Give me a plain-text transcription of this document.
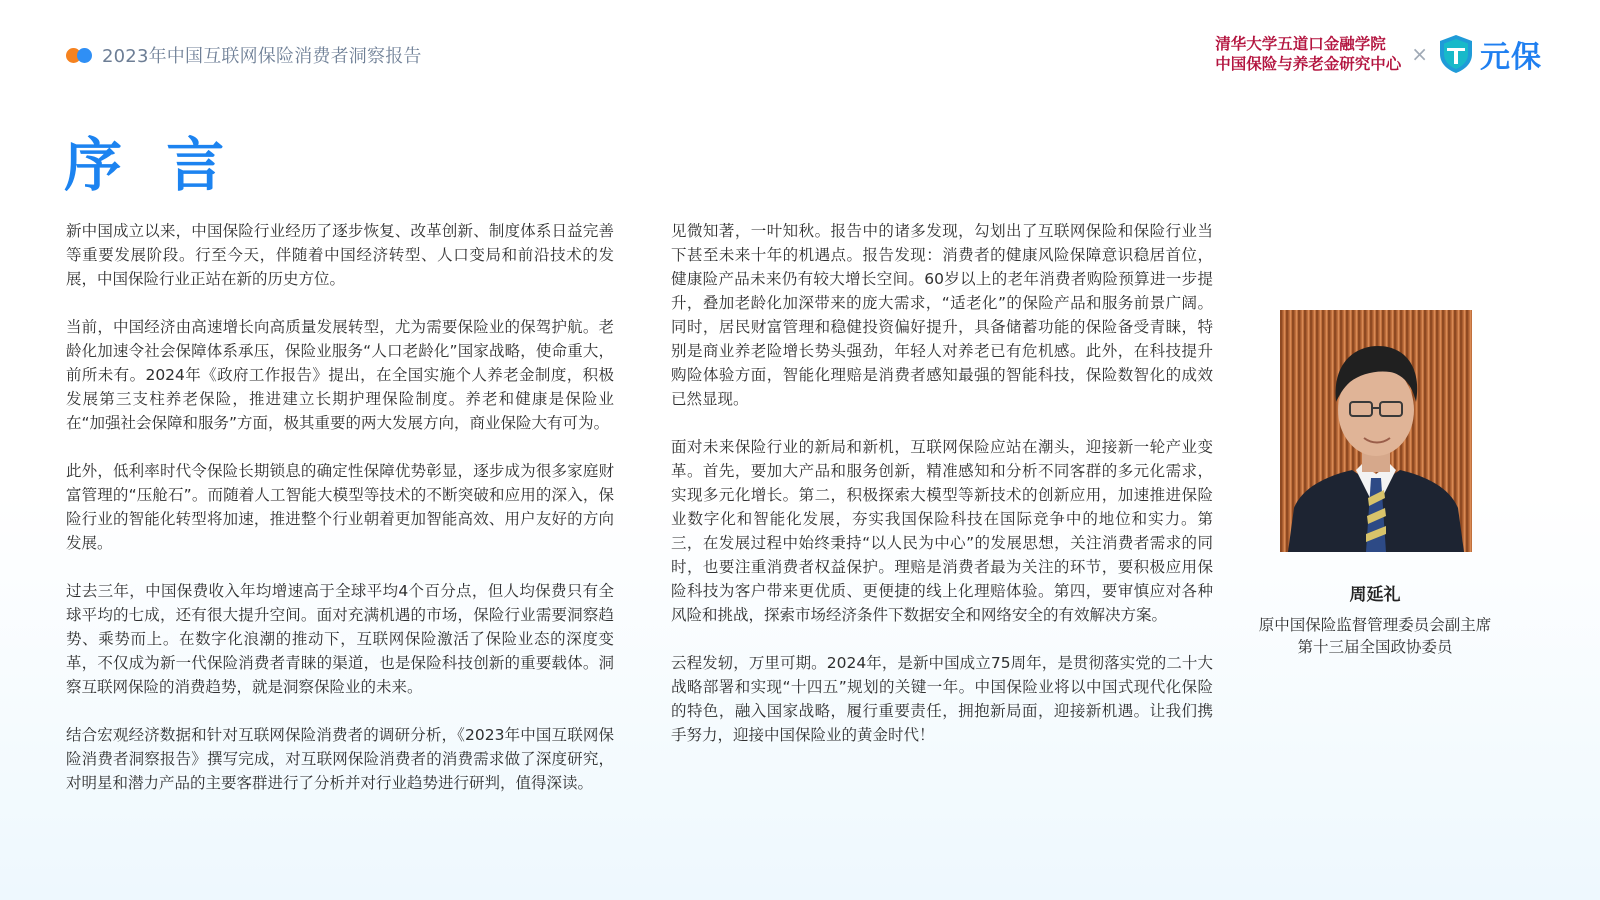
2023年中国互联网保险消费者洞察报告
清华大学五道口金融学院
中国保险与养老金研究中心 × 元保
序 言

新中国成立以来，中国保险行业经历了逐步恢复、改革创新、制度体系日益完善等重要发展阶段。行至今天，伴随着中国经济转型、人口变局和前沿技术的发展，中国保险行业正站在新的历史方位。

当前，中国经济由高速增长向高质量发展转型，尤为需要保险业的保驾护航。老龄化加速令社会保障体系承压，保险业服务“人口老龄化”国家战略，使命重大，前所未有。2024年《政府工作报告》提出，在全国实施个人养老金制度，积极发展第三支柱养老保险，推进建立长期护理保险制度。养老和健康是保险业在“加强社会保障和服务”方面，极其重要的两大发展方向，商业保险大有可为。

此外，低利率时代令保险长期锁息的确定性保障优势彰显，逐步成为很多家庭财富管理的“压舱石”。而随着人工智能大模型等技术的不断突破和应用的深入，保险行业的智能化转型将加速，推进整个行业朝着更加智能高效、用户友好的方向发展。

过去三年，中国保费收入年均增速高于全球平均4个百分点，但人均保费只有全球平均的七成，还有很大提升空间。面对充满机遇的市场，保险行业需要洞察趋势、乘势而上。在数字化浪潮的推动下，互联网保险激活了保险业态的深度变革，不仅成为新一代保险消费者青睐的渠道，也是保险科技创新的重要载体。洞察互联网保险的消费趋势，就是洞察保险业的未来。

结合宏观经济数据和针对互联网保险消费者的调研分析，《2023年中国互联网保险消费者洞察报告》撰写完成，对互联网保险消费者的消费需求做了深度研究，对明星和潜力产品的主要客群进行了分析并对行业趋势进行研判，值得深读。

见微知著，一叶知秋。报告中的诸多发现，勾划出了互联网保险和保险行业当下甚至未来十年的机遇点。报告发现：消费者的健康风险保障意识稳居首位，健康险产品未来仍有较大增长空间。60岁以上的老年消费者购险预算进一步提升，叠加老龄化加深带来的庞大需求，“适老化”的保险产品和服务前景广阔。同时，居民财富管理和稳健投资偏好提升，具备储蓄功能的保险备受青睐，特别是商业养老险增长势头强劲，年轻人对养老已有危机感。此外，在科技提升购险体验方面，智能化理赔是消费者感知最强的智能科技，保险数智化的成效已然显现。

面对未来保险行业的新局和新机，互联网保险应站在潮头，迎接新一轮产业变革。首先，要加大产品和服务创新，精准感知和分析不同客群的多元化需求，实现多元化增长。第二，积极探索大模型等新技术的创新应用，加速推进保险业数字化和智能化发展，夯实我国保险科技在国际竞争中的地位和实力。第三，在发展过程中始终秉持“以人民为中心”的发展思想，关注消费者需求的同时，也要注重消费者权益保护。理赔是消费者最为关注的环节，要积极应用保险科技为客户带来更优质、更便捷的线上化理赔体验。第四，要审慎应对各种风险和挑战，探索市场经济条件下数据安全和网络安全的有效解决方案。

云程发轫，万里可期。2024年，是新中国成立75周年，是贯彻落实党的二十大战略部署和实现“十四五”规划的关键一年。中国保险业将以中国式现代化保险的特色，融入国家战略，履行重要责任，拥抱新局面，迎接新机遇。让我们携手努力，迎接中国保险业的黄金时代！

周延礼
原中国保险监督管理委员会副主席
第十三届全国政协委员
